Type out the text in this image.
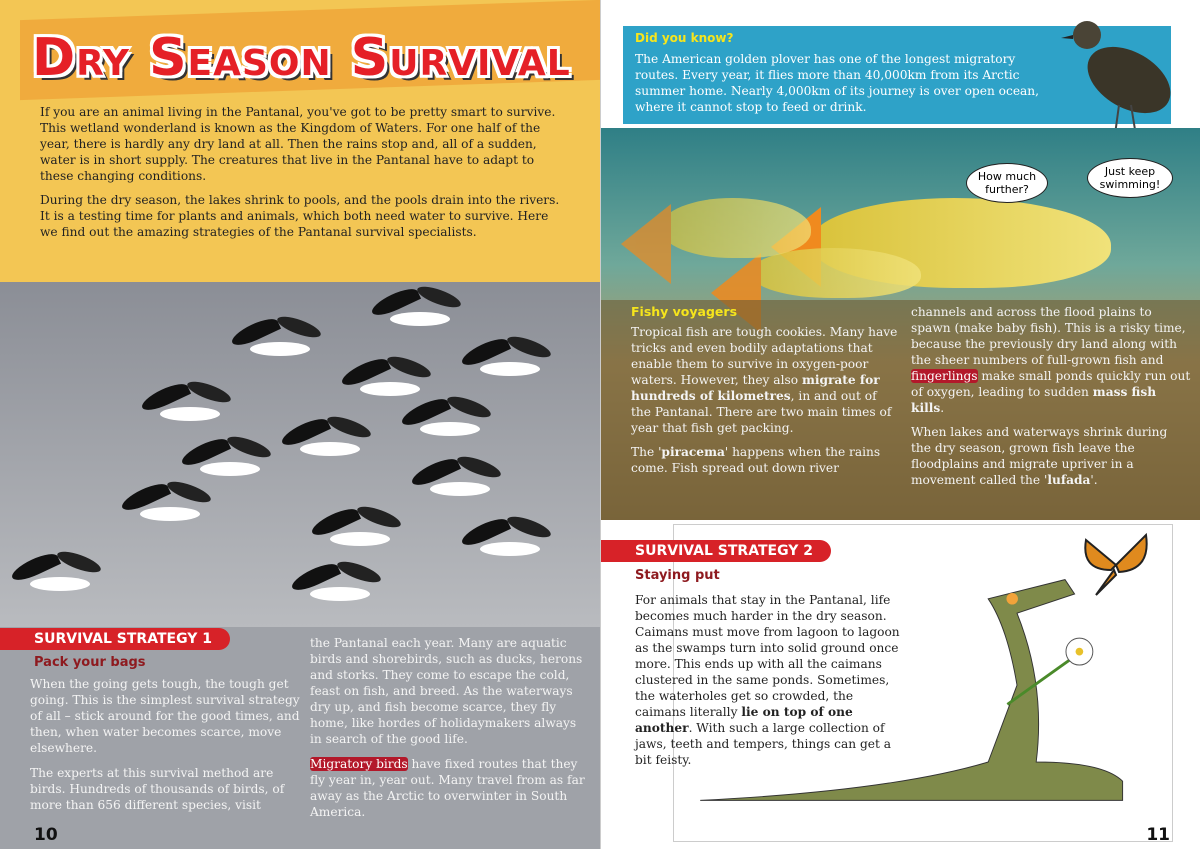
Dry Season Survival

If you are an animal living in the Pantanal, you've got to be pretty smart to survive. This wetland wonderland is known as the Kingdom of Waters. For one half of the year, there is hardly any dry land at all. Then the rains stop and, all of a sudden, water is in short supply. The creatures that live in the Pantanal have to adapt to these changing conditions.

During the dry season, the lakes shrink to pools, and the pools drain into the rivers. It is a testing time for plants and animals, which both need water to survive. Here we find out the amazing strategies of the Pantanal survival specialists.

SURVIVAL STRATEGY 1
Pack your bags

When the going gets tough, the tough get going. This is the simplest survival strategy of all – stick around for the good times, and then, when water becomes scarce, move elsewhere.

The experts at this survival method are birds. Hundreds of thousands of birds, of more than 656 different species, visit

the Pantanal each year. Many are aquatic birds and shorebirds, such as ducks, herons and storks. They come to escape the cold, feast on fish, and breed. As the waterways dry up, and fish become scarce, they fly home, like hordes of holidaymakers always in search of the good life.

Migratory birds have fixed routes that they fly year in, year out. Many travel from as far away as the Arctic to overwinter in South America.

10
Did you know?

The American golden plover has one of the longest migratory routes. Every year, it flies more than 40,000km from its Arctic summer home. Nearly 4,000km of its journey is over open ocean, where it cannot stop to feed or drink.

How much further?
Just keep swimming!
Fishy voyagers

Tropical fish are tough cookies. Many have tricks and even bodily adaptations that enable them to survive in oxygen-poor waters. However, they also migrate for hundreds of kilometres, in and out of the Pantanal. There are two main times of year that fish get packing.

The 'piracema' happens when the rains come. Fish spread out down river

channels and across the flood plains to spawn (make baby fish). This is a risky time, because the previously dry land along with the sheer numbers of full-grown fish and fingerlings make small ponds quickly run out of oxygen, leading to sudden mass fish kills.

When lakes and waterways shrink during the dry season, grown fish leave the floodplains and migrate upriver in a movement called the 'lufada'.

SURVIVAL STRATEGY 2
Staying put

For animals that stay in the Pantanal, life becomes much harder in the dry season. Caimans must move from lagoon to lagoon as the swamps turn into solid ground once more. This ends up with all the caimans clustered in the same ponds. Sometimes, the waterholes get so crowded, the caimans literally lie on top of one another. With such a large collection of jaws, teeth and tempers, things can get a bit feisty.

11
